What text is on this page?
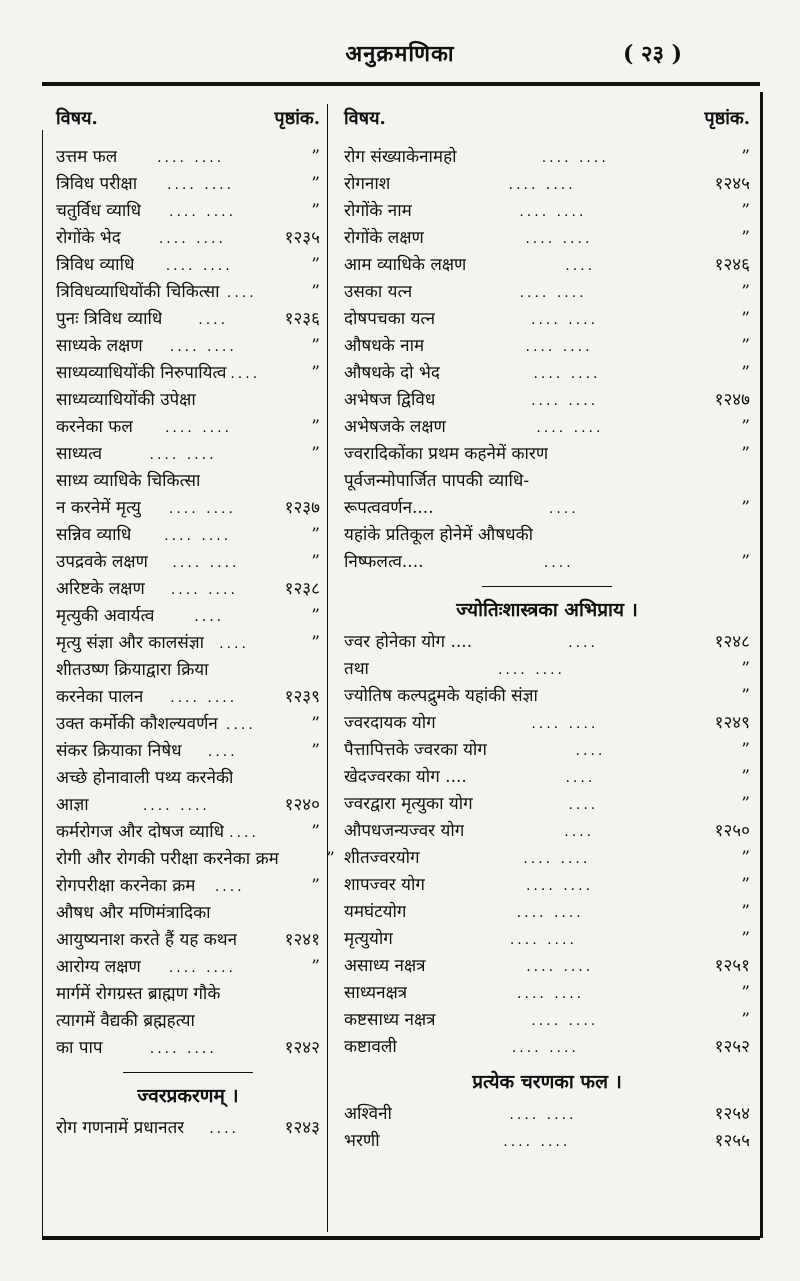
अनुक्रमणिका	( २३ )
विषय.	पृष्ठांक.
उत्तम फल	.... ....	”
त्रिविध परीक्षा	.... ....	”
चतुर्विध व्याधि	.... ....	”
रोगोंके भेद	.... ....	१२३५
त्रिविध व्याधि	.... ....	”
त्रिविधव्याधियोंकी चिकित्सा ....	”
पुनः त्रिविध व्याधि	....	१२३६
साध्यके लक्षण	.... ....	”
साध्यव्याधियोंकी निरुपायित्व ....	”
साध्यव्याधियोंकी उपेक्षा
करनेका फल	.... ....	”
साध्यत्व	.... ....	”
साध्य व्याधिके चिकित्सा
न करनेमें मृत्यु	.... ....	१२३७
सन्निव व्याधि	.... ....	”
उपद्रवके लक्षण	.... ....	”
अरिष्टके लक्षण	.... ....	१२३८
मृत्युकी अवार्यत्व	....	”
मृत्यु संज्ञा और कालसंज्ञा	....	”
शीतउष्ण क्रियाद्वारा क्रिया
करनेका पालन	.... ....	१२३९
उक्त कर्मोकी कौशल्यवर्णन ....	”
संकर क्रियाका निषेध	....	”
अच्छे होनावाली पथ्य करनेकी
आज्ञा	.... ....	१२४०
कर्मरोगज और दोषज व्याधि ....	”
रोगी और रोगकी परीक्षा करनेका क्रम	”
रोगपरीक्षा करनेका क्रम	....	”
औषध और मणिमंत्रादिका
आयुष्यनाश करते हैं यह कथन	१२४१
आरोग्य लक्षण	.... ....	”
मार्गमें रोगग्रस्त ब्राह्मण गौके
त्यागमें वैद्यकी ब्रह्महत्या
का पाप	.... ....	१२४२
ज्वरप्रकरणम् ।
रोग गणनामें प्रधानतर	....	१२४३
विषय.	पृष्ठांक.
रोग संख्याकेनामहो	.... ....	”
रोगनाश	.... ....	१२४५
रोगोंके नाम	.... ....	”
रोगोंके लक्षण	.... ....	”
आम व्याधिके लक्षण	....	१२४६
उसका यत्न	.... ....	”
दोषपचका यत्न	.... ....	”
औषधके नाम	.... ....	”
औषधके दो भेद	.... ....	”
अभेषज द्विविध	.... ....	१२४७
अभेषजके लक्षण	.... ....	”
ज्वरादिकोंका प्रथम कहनेमें कारण	”
पूर्वजन्मोपार्जित पापकी व्याधि-
रूपत्ववर्णन....	....	”
यहांके प्रतिकूल होनेमें औषधकी
निष्फलत्व....	....	”
ज्योतिःशास्त्रका अभिप्राय ।
ज्वर होनेका योग ....	....	१२४८
तथा	.... ....	”
ज्योतिष कल्पद्रुमके यहांकी संज्ञा	”
ज्वरदायक योग	.... ....	१२४९
पैत्तापित्तके ज्वरका योग	....	”
खेदज्वरका योग ....	....	”
ज्वरद्वारा मृत्युका योग	....	”
औपधजन्यज्वर योग	....	१२५०
शीतज्वरयोग	.... ....	”
शापज्वर योग	.... ....	”
यमघंटयोग	.... ....	”
मृत्युयोग	.... ....	”
असाध्य नक्षत्र	.... ....	१२५१
साध्यनक्षत्र	.... ....	”
कष्टसाध्य नक्षत्र	.... ....	”
कष्टावली	.... ....	१२५२
प्रत्येक चरणका फल ।
अश्विनी	.... ....	१२५४
भरणी	.... ....	१२५५
